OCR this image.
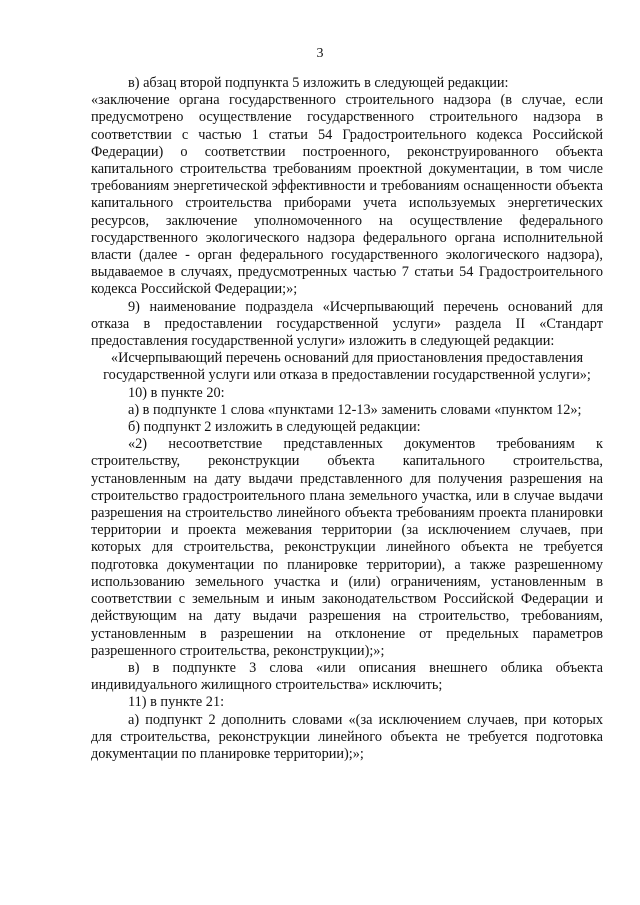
3

в) абзац второй подпункта 5 изложить в следующей редакции:

«заключение органа государственного строительного надзора (в случае, если предусмотрено осуществление государственного строительного надзора в соответствии с частью 1 статьи 54 Градостроительного кодекса Российской Федерации) о соответствии построенного, реконструированного объекта капитального строительства требованиям проектной документации, в том числе требованиям энергетической эффективности и требованиям оснащенности объекта капитального строительства приборами учета используемых энергетических ресурсов, заключение уполномоченного на осуществление федерального государственного экологического надзора федерального органа исполнительной власти (далее - орган федерального государственного экологического надзора), выдаваемое в случаях, предусмотренных частью 7 статьи 54 Градостроительного кодекса Российской Федерации;»;

9) наименование подраздела «Исчерпывающий перечень оснований для отказа в предоставлении государственной услуги» раздела II «Стандарт предоставления государственной услуги» изложить в следующей редакции:

«Исчерпывающий перечень оснований для приостановления предоставления государственной услуги или отказа в предоставлении государственной услуги»;

10) в пункте 20:

а) в подпункте 1 слова «пунктами 12-13» заменить словами «пунктом 12»;

б) подпункт 2 изложить в следующей редакции:

«2) несоответствие представленных документов требованиям к строительству, реконструкции объекта капитального строительства, установленным на дату выдачи представленного для получения разрешения на строительство градостроительного плана земельного участка, или в случае выдачи разрешения на строительство линейного объекта требованиям проекта планировки территории и проекта межевания территории (за исключением случаев, при которых для строительства, реконструкции линейного объекта не требуется подготовка документации по планировке территории), а также разрешенному использованию земельного участка и (или) ограничениям, установленным в соответствии с земельным и иным законодательством Российской Федерации и действующим на дату выдачи разрешения на строительство, требованиям, установленным в разрешении на отклонение от предельных параметров разрешенного строительства, реконструкции);»;

в) в подпункте 3 слова «или описания внешнего облика объекта индивидуального жилищного строительства» исключить;

11) в пункте 21:

а) подпункт 2 дополнить словами «(за исключением случаев, при которых для строительства, реконструкции линейного объекта не требуется подготовка документации по планировке территории);»;
